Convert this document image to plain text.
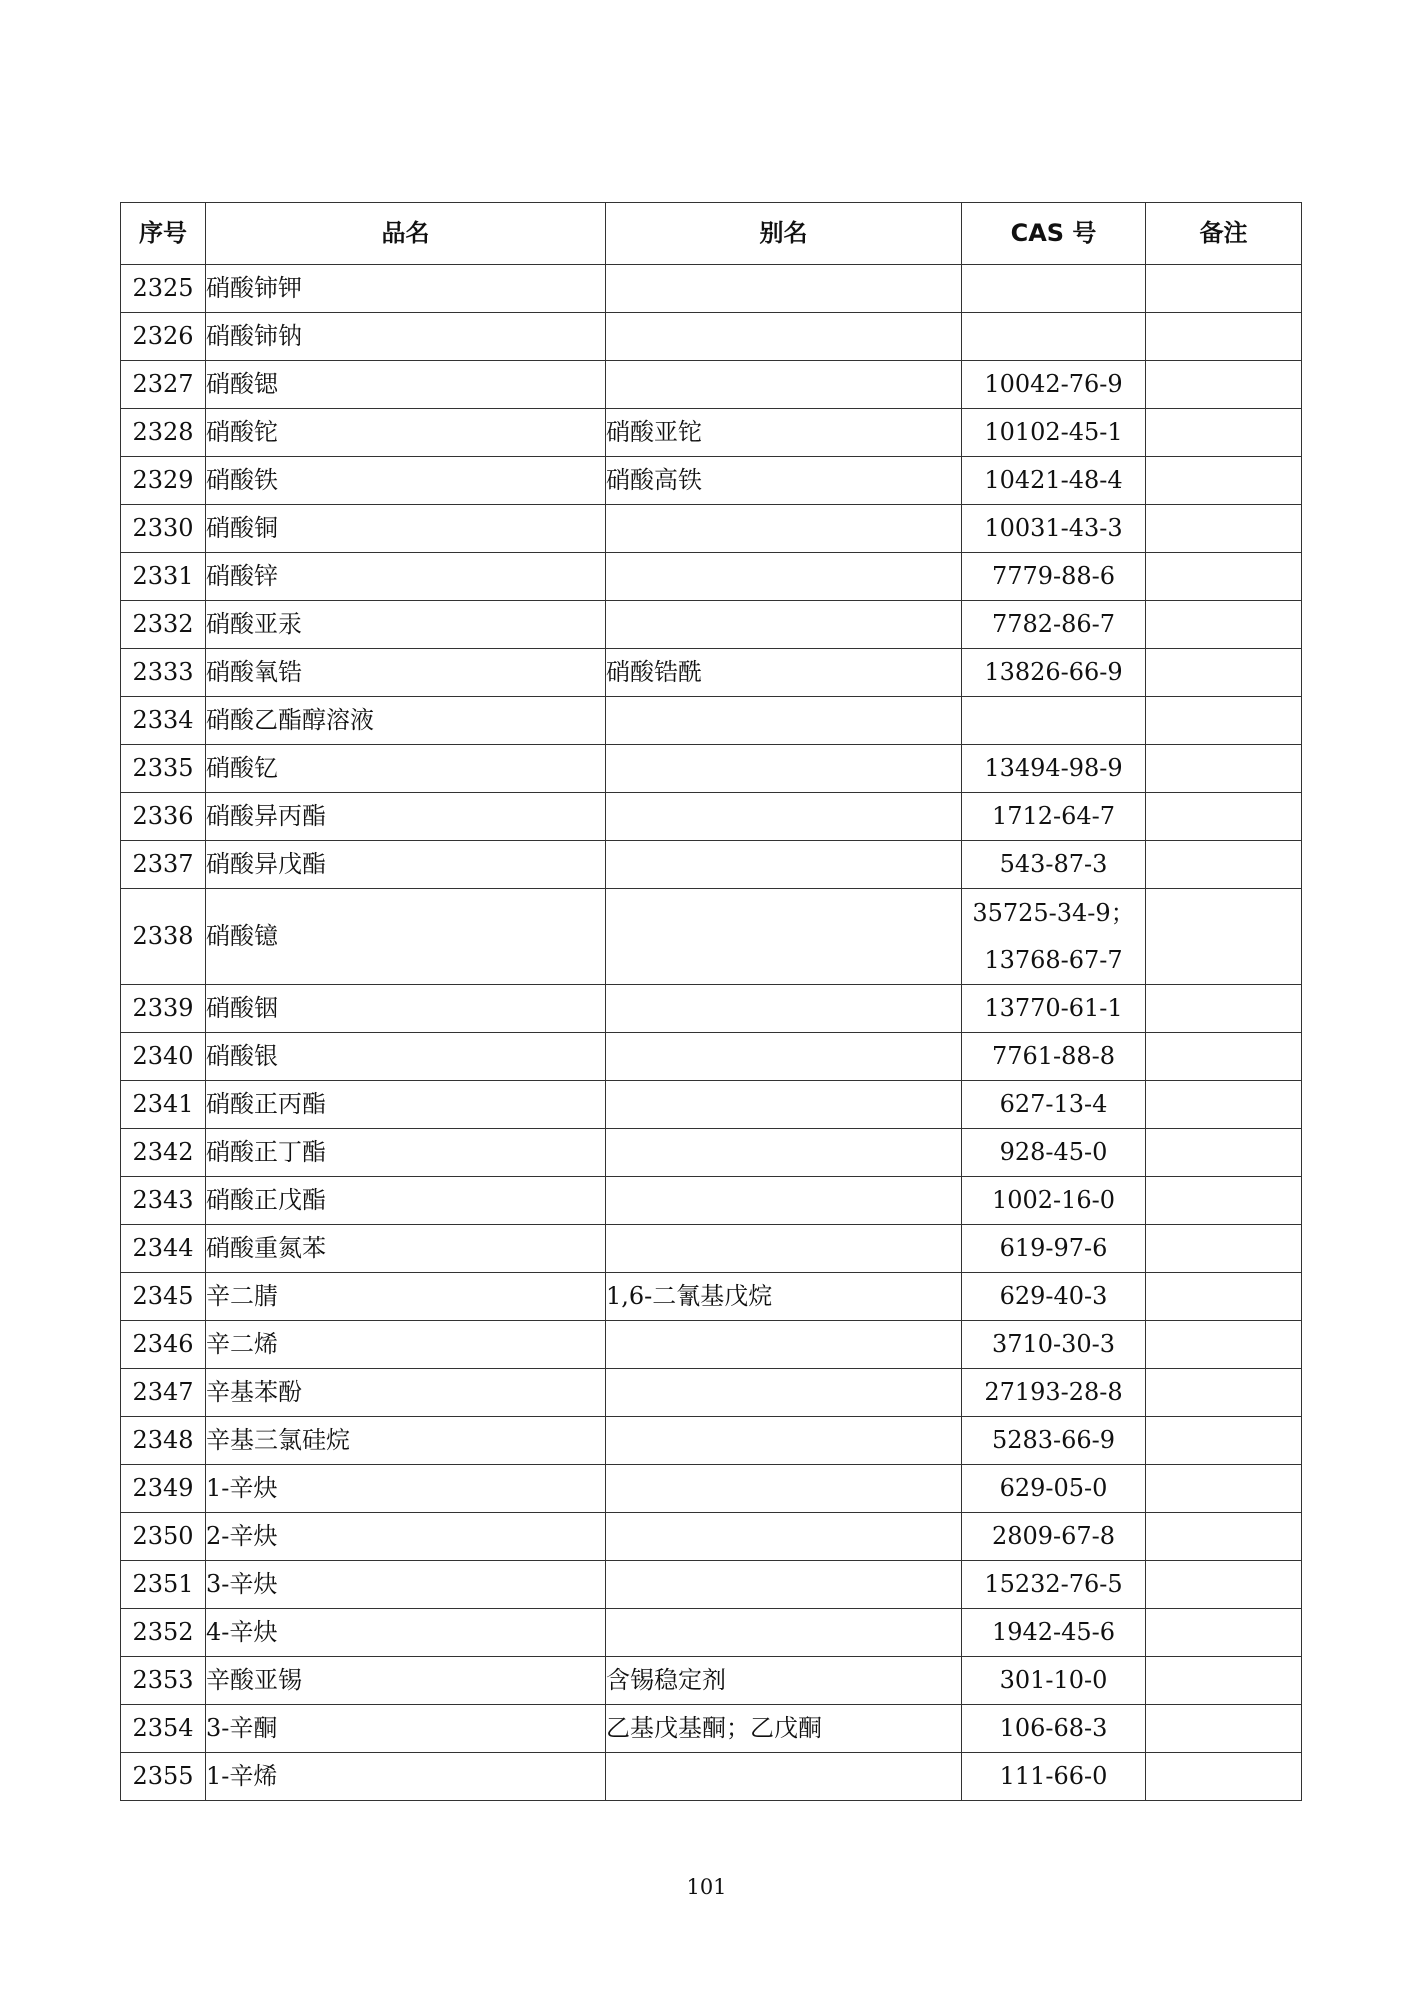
序号	品名	别名	CAS 号	备注
2325	硝酸铈钾			
2326	硝酸铈钠			
2327	硝酸锶		10042-76-9	

2328	硝酸铊	硝酸亚铊	10102-45-1	

2329	硝酸铁	硝酸高铁	10421-48-4	

2330	硝酸铜		10031-43-3	

2331	硝酸锌		7779-88-6	

2332	硝酸亚汞		7782-86-7	

2333	硝酸氧锆	硝酸锆酰	13826-66-9	

2334	硝酸乙酯醇溶液			
2335	硝酸钇		13494-98-9	

2336	硝酸异丙酯		1712-64-7	

2337	硝酸异戊酯		543-87-3	

2338	硝酸镱		35725-34-9；
13768-67-7	

2339	硝酸铟		13770-61-1	

2340	硝酸银		7761-88-8	

2341	硝酸正丙酯		627-13-4	

2342	硝酸正丁酯		928-45-0	

2343	硝酸正戊酯		1002-16-0	

2344	硝酸重氮苯		619-97-6	

2345	辛二腈	1,6-二氰基戊烷	629-40-3	

2346	辛二烯		3710-30-3	

2347	辛基苯酚		27193-28-8	

2348	辛基三氯硅烷		5283-66-9	

2349	1-辛炔		629-05-0	

2350	2-辛炔		2809-67-8	

2351	3-辛炔		15232-76-5	

2352	4-辛炔		1942-45-6	

2353	辛酸亚锡	含锡稳定剂	301-10-0	

2354	3-辛酮	乙基戊基酮；乙戊酮	106-68-3	

2355	1-辛烯		111-66-0	

101
